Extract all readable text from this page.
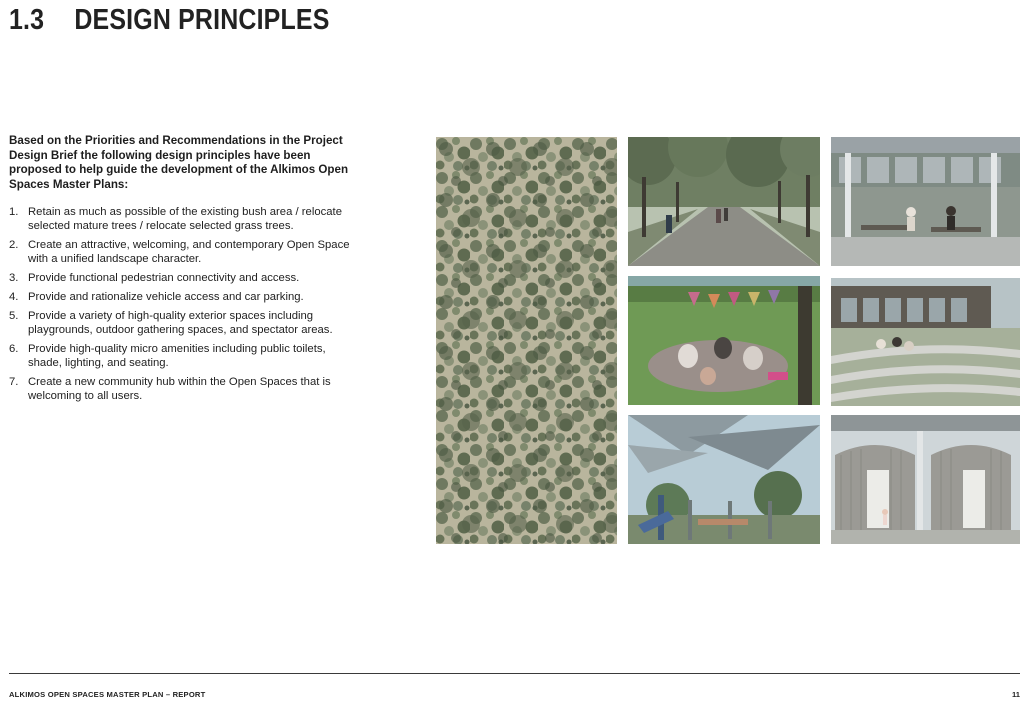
1.3 DESIGN PRINCIPLES

Based on the Priorities and Recommendations in the Project Design Brief the following design principles have been proposed to help guide the development of the Alkimos Open Spaces Master Plans:

1. Retain as much as possible of the existing bush area / relocate selected mature trees / relocate selected grass trees.
2. Create an attractive, welcoming, and contemporary Open Space with a unified landscape character.
3. Provide functional pedestrian connectivity and access.
4. Provide and rationalize vehicle access and car parking.
5. Provide a variety of high-quality exterior spaces including playgrounds, outdoor gathering spaces, and spectator areas.
6. Provide high-quality micro amenities including public toilets, shade, lighting, and seating.
7. Create a new community hub within the Open Spaces that is welcoming to all users.
ALKIMOS OPEN SPACES MASTER PLAN – REPORT	11
